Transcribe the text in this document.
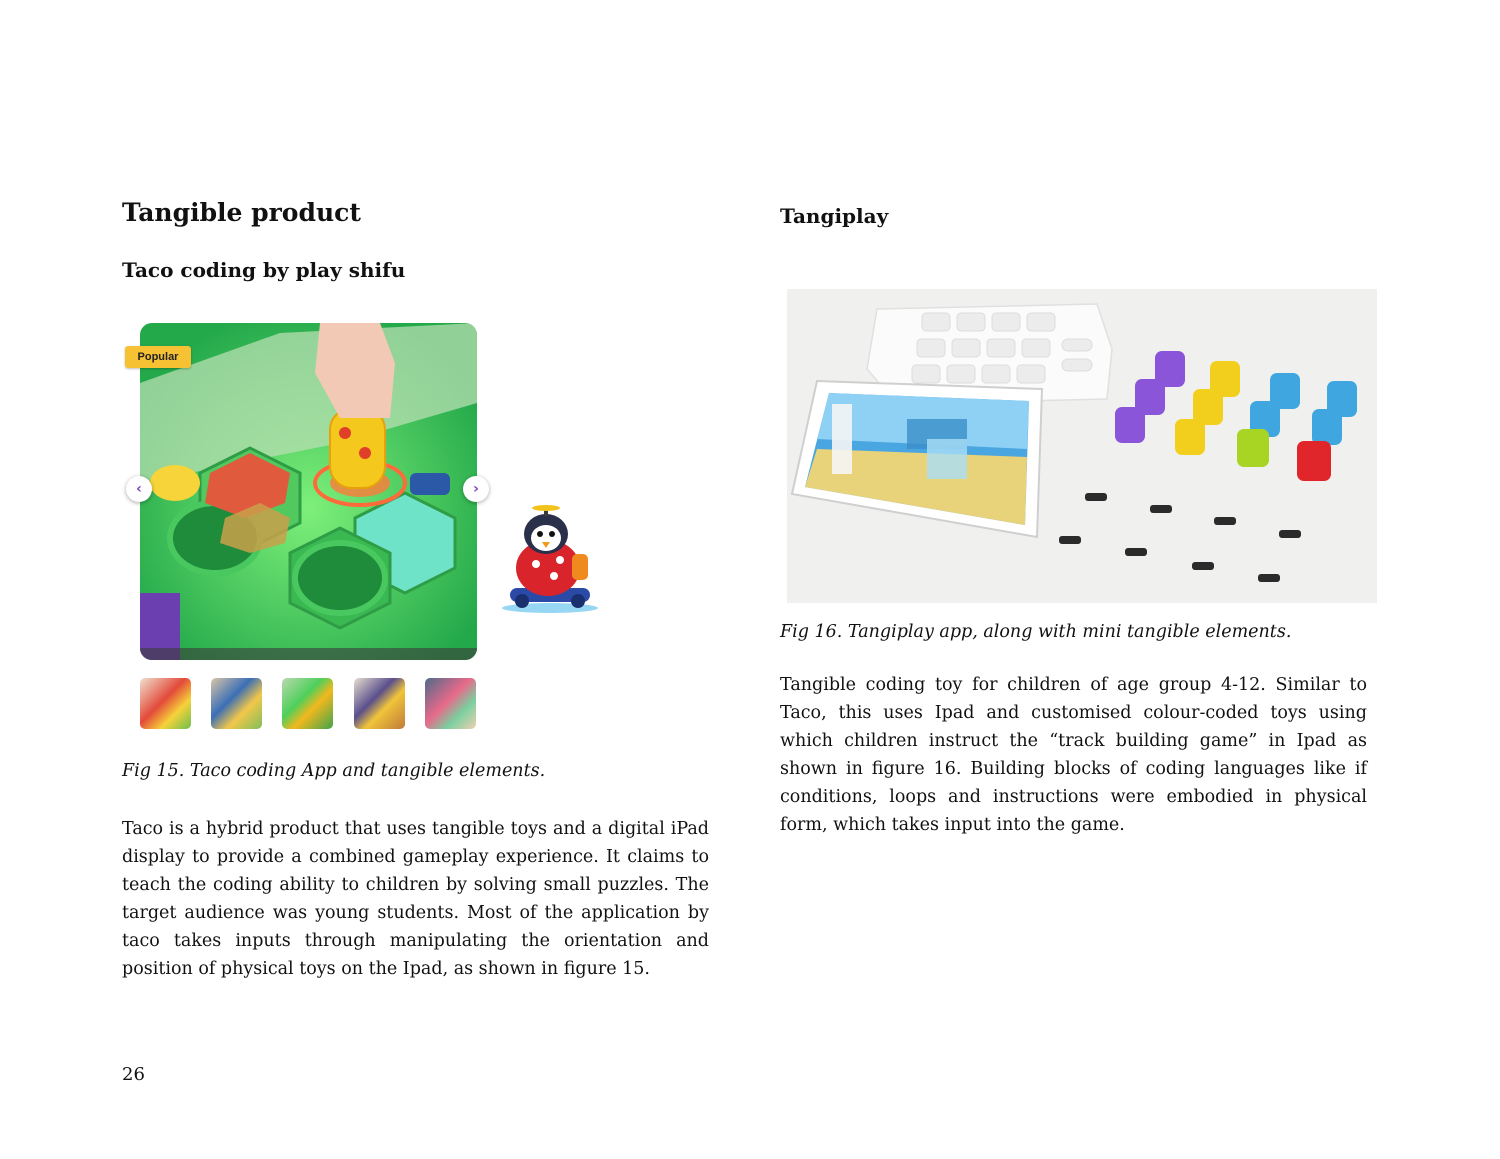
Tangible product
Taco coding by play shifu
Popular
‹	›
Fig 15. Taco coding App and tangible elements.
Taco is a hybrid product that uses tangible toys and a digital iPad display to provide a combined gameplay experience. It claims to teach the coding ability to children by solving small puzzles. The target audience was young students. Most of the application by taco takes inputs through manipulating the orientation and position of physical toys on the Ipad, as shown in figure 15.
Tangiplay
Fig 16. Tangiplay app, along with mini tangible elements.
Tangible coding toy for children of age group 4-12. Similar to Taco, this uses Ipad and customised colour-coded toys using which children instruct the “track building game” in Ipad as shown in figure 16. Building blocks of coding languages like if conditions, loops and instructions were embodied in physical form, which takes input into the game.
26
